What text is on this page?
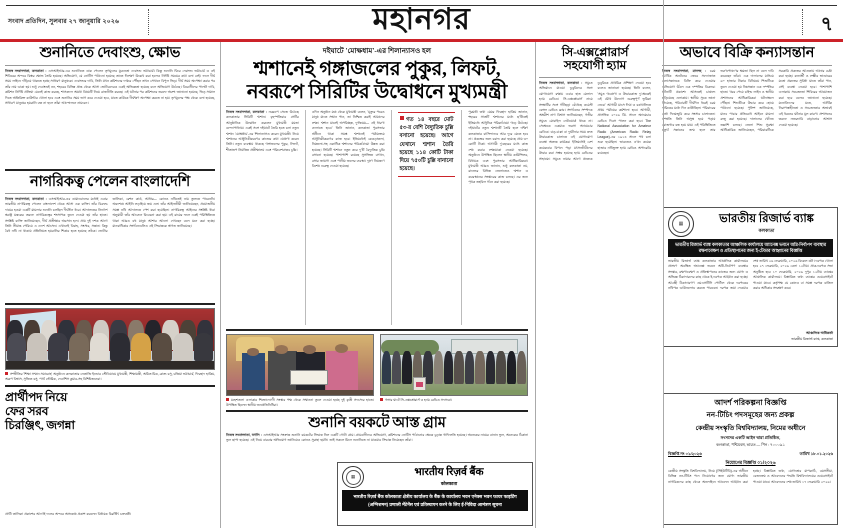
সংবাদ প্রতিদিন, সুলবার ২৭ জানুয়ারি ২০২৬	মহানগর	৭
শুনানিতে দেবাংশু, ক্ষোভ
নিজস্ব সংবাদদাতা, কলকাতা : এসআইআর-এর শুনানিতে ডাক পেলেন তৃণমূলের যুবনেতা দেবাংশু ভট্টাচার্য। কিন্তু শুনানি ঘিরে দেবাংশু ভট্টাচার্য ও এই শিবিরের অন্দরে বিস্তর ক্ষোভ তৈরি হয়েছে। অভিযোগ, যে নোটিস পাঠানো হয়েছে তাতে দিনক্ষণ উল্লেখ করা হলেও নির্দিষ্ট সময়ের কথা বলা নেই। ফলে দীর্ঘ সময় লাইনে দাঁড়িয়ে থাকতে হচ্ছে সাধারণ মানুষকে। দেবাংশুর দাবি, তিনি যখন কমিশনের দপ্তরে পৌঁছন তখন সেখানে বিপুল ভিড়। দীর্ঘ সময় অপেক্ষা করার পর তাঁর নাম ডাকা হয়। শুধু দেবাংশুই নন, শহরের বিভিন্ন প্রান্ত থেকে আসা ভোটারদেরও একই অভিজ্ঞতা হয়েছে বলে অভিযোগ উঠেছে। বিরোধীদের পালটা দাবি, কমিশন নির্দিষ্ট প্রক্রিয়া মেনেই কাজ করছে, শাসকদল অযথা বিষয়টি নিয়ে রাজনীতি করছে। এই ঘটনার পর কমিশনের তরফে অবশ্য জানানো হয়েছে, ভিড় সামাল দিতে অতিরিক্ত কাউন্টার খোলা হবে এবং শুনানির সময় ভাগ করে দেওয়া হবে, যাতে কাউকে দীর্ঘক্ষণ অপেক্ষা করতে না হয়। তৃণমূলের পক্ষ থেকে বলা হয়েছে, সাধারণ মানুষের হয়রানি বন্ধ না হলে তাঁরা আন্দোলনে নামবেন।
নাগরিকত্ব পেলেন বাংলাদেশি
নিজস্ব সংবাদদাতা, কলকাতা : এসআইআর-এর ডামাডোলের মধ্যেই এবার ভারতীয় নাগরিকত্ব পেলেন বাংলাদেশ থেকে আসা এক ব্যক্তি। তাঁর বিরুদ্ধে দায়ের হওয়া একটি মামলার শুনানি চলছিল দীর্ঘদিন ধরে। আদালতের নির্দেশে স্বরাষ্ট্র মন্ত্রকের তরফে নাগরিকত্বের শংসাপত্র তুলে দেওয়া হয় তাঁর হাতে। সংশ্লিষ্ট ব্যক্তি জানিয়েছেন, দীর্ঘ প্রতীক্ষার অবসান হল। প্রায় দুই দশক আগে তিনি সীমান্ত পেরিয়ে এ দেশে আসেন। এখানেই বিবাহ, সংসার, সন্তান। কিন্তু বৈধ নথি না থাকায় প্রতিনিয়ত হয়রানির শিকার হতে হয়েছে তাঁকে। ভোটার তালিকা, রেশন কার্ড, আধার— কোনও নথিতেই নাম তুলতে পারেননি। অবশেষে আইনি লড়াইয়ে জয় এল। তাঁর আইনজীবী জানিয়েছেন, প্রয়োজনীয় সমস্ত নথি আদালতে পেশ করা হয়েছিল। নাগরিকত্ব আইনের সংশ্লিষ্ট ধারা অনুযায়ী তাঁর আবেদন বিবেচনা করা হয়। এই রায়ের ফলে একই পরিস্থিতিতে থাকা আরও বহু মানুষ আশার আলো দেখছেন বলে মনে করা হচ্ছে। মানবাধিকার সংগঠনগুলিও এই সিদ্ধান্তকে স্বাগত জানিয়েছে।
সম্প্রীতির 'শিক্ষা সম্মান সমারোহ' অনুষ্ঠানে কলকাতার নেতাজি ইন্ডোর স্টেডিয়ামে মুখ্যমন্ত্রী, শিক্ষামন্ত্রী, অমিত মিত্র, ব্রাত্য বসু, চন্দ্রিমা ভট্টাচার্য, ফিরহাদ হাকিম, অরূপ বিশ্বাস, সুজিত বসু, পার্থ ভৌমিক, দেবাশিস কুমার-সহ বিশিষ্টজনেরা।
প্রার্থীপদ নিয়ে
ফের সরব
চিরঞ্জিৎ, জগন্না
দইঘাটে 'মোক্ষধাম'-এর শিলান্যাসও হল
শ্মশানেই গঙ্গাজলের পুকুর, লিফট,
নবরূপে সিরিটির উদ্বোধনে মুখ্যমন্ত্রী
নিজস্ব সংবাদদাতা, কলকাতা : নবরূপে সেজে উঠেছে কলকাতার সিরিটি শ্মশান। বৃহস্পতিবার সেটির আনুষ্ঠানিক উদ্বোধন করলেন মুখ্যমন্ত্রী মমতা বন্দ্যোপাধ্যায়। একই সঙ্গে দইঘাটে তৈরি হতে চলা নতুন শ্মশান 'মোক্ষধাম'-এর শিলান্যাসও করেন মুখ্যমন্ত্রী। নিয়ে শ্মশানের আধুনিকীকরণের কাজের কথা ঘোষণা করেন তিনি। নতুন ব্যবস্থায় থাকছে গঙ্গাজলের পুকুর, লিফট, শীতাতপ নিয়ন্ত্রিত প্রতীক্ষালয় এবং পরিবেশবান্ধব চুল্লি।
এদিন অনুষ্ঠান মঞ্চ থেকে মুখ্যমন্ত্রী বলেন, 'মৃত্যুর পরেও মানুষ যাতে সম্মান পান, তা নিশ্চিত করাই আমাদের লক্ষ্য। শ্মশান মানেই অপরিচ্ছন্ন, দুর্গন্ধময়— এই ধারণা বদলাতে হবে।' তিনি জানান, কলকাতা পুরসভার অধীনে থাকা সমস্ত শ্মশানেই পর্যায়ক্রমে আধুনিকীকরণের কাজ হবে। ইতিমধ্যেই কেওড়াতলা, নিমতলা-সহ একাধিক শ্মশানের পরিকাঠামো উন্নত করা হয়েছে। সিরিটি শ্মশানে নতুন করে দু'টি বৈদ্যুতিক চুল্লি বসানো হয়েছে। পাশাপাশি রয়েছে সুসজ্জিত বাগান, বসার জায়গা এবং পানীয় জলের ব্যবস্থা। দূষণ নিয়ন্ত্রণে বিশেষ গুরুত্ব দেওয়া হয়েছে।
গত ১৪ বছরে মোট ৫৩-র বেশি বৈদ্যুতিক চুল্লি বসানো হয়েছে। আগে যেখানে শ্মশান তৈরি হয়েছে ১১৪ কোটি টাকা দিয়ে ৭৫০টি চুল্লি বানানো হয়েছে।
পুরমন্ত্রী তথা মেয়র ফিরহাদ হাকিম জানান, শহরের সাতটি শ্মশানের মধ্যে ছ'টিতেই ইতিমধ্যে আধুনিক পরিকাঠামো গড়ে উঠেছে। দইঘাটের নতুন শ্মশানটি তৈরি হলে দক্ষিণ কলকাতার বাসিন্দাদের আর দূরে যেতে হবে না। প্রকল্পের জন্য বরাদ্দ করা হয়েছে প্রায় ৩০ কোটি টাকা। আগামী দু'বছরের মধ্যে কাজ শেষ করার লক্ষ্যমাত্রা নেওয়া হয়েছে। অনুষ্ঠানে উপস্থিত ছিলেন স্থানীয় কাউন্সিলর, বিধায়ক এবং পুরসভার আধিকারিকরা। মুখ্যমন্ত্রী আরও জানান, শুধু কলকাতা নয়, রাজ্যের বিভিন্ন জেলাতেও শ্মশান ও কবরস্থানের সংস্কারের কাজ চলছে। এর জন্য পৃথক তহবিল গঠন করা হয়েছে।
মহেশতলা এলাকার শিল্পোদ্যোগী সংস্থার পক্ষ থেকে সম্মাননা তুলে দেওয়া হচ্ছে দুই কৃতী সদস্যের হাতে। উপস্থিত ছিলেন স্থানীয় জনপ্রতিনিধিরা।
গঙ্গার ঘাটে সি-এক্সপ্লোরার্স ও হ্যাম রেডিও সদস্যরা।
শুনানি বয়কটে আস্ত গ্রাম
নিজস্ব সংবাদদাতা, হুগলি : এসআইআর সংক্রান্ত শুনানি বয়কটের সিদ্ধান্ত নিল একটি গোটা গ্রাম। গ্রামবাসীদের অভিযোগ, কমিশনের নোটিস পাঠানোর ক্ষেত্রে চূড়ান্ত গাফিলতি হয়েছে। অনেকের নামের বানান ভুল, অনেকের ঠিকানা ভুল ছাপা হয়েছে। এই নিয়ে বারবার অভিযোগ জানিয়েও কোনও সুরাহা হয়নি। তাই সকলে মিলে শুনানিতে না যাওয়ার সিদ্ধান্ত নিয়েছেন তাঁরা।
সি-এক্সপ্লোরার্স
সহযোগী হ্যাম
নিজস্ব সংবাদদাতা, কলকাতা : সমুদ্রে অভিযানে যাওয়া ডুবুরিদের সঙ্গে যোগাযোগ রক্ষায় এবার হাত মেলাল হ্যাম রেডিও। সি-এক্সপ্লোরার্স নামে সংস্থাটির সঙ্গে গাঁটছড়া বেঁধেছে ওয়েস্ট বেঙ্গল রেডিও ক্লাব। সংগঠনের সম্পাদক অম্বরীশ নাগ বিশ্বাস জানিয়েছেন, গভীর সমুদ্রে মোবাইল নেটওয়ার্ক থাকে না। সেক্ষেত্রে একমাত্র ভরসা অ্যামেচার রেডিও। ঝড়-ঝঞ্ঝা বা দুর্ঘটনার সময় দ্রুত উদ্ধারকাজ চালাতে এই যোগাযোগ ব্যবস্থা অত্যন্ত কার্যকর। ইতিমধ্যেই বেশ কয়েকবার বিপদে পড়া মৎস্যজীবীদের উদ্ধার করা সম্ভব হয়েছে হ্যাম রেডিওর সাহায্যে। সমুদ্রে নামার আগে প্রত্যেক ডুবুরিকে প্রাথমিক প্রশিক্ষণ দেওয়া হবে বলেও জানানো হয়েছে। তিনি বলেন, 'সমুদ্র গবেষণা ও উদ্ধারকাজ দু'ক্ষেত্রেই এই যৌথ উদ্যোগ গুরুত্বপূর্ণ ভূমিকা নেবে।' আগামী মাসে দিঘা ও বকখালিতে প্রথম পর্যায়ের কর্মশালা হবে। আগামী, প্রাসঙ্গিক ২০২৬ খ্রি. সালে অ্যামেচার রেডিও দিবস পালন করা হবে। The National Association for Amateur Radio (American Radio Relay League)-এর ১৯১৪ সালে পথ চলা শুরু হয়েছিল। ভারতেও এখন কয়েক হাজার নথিভুক্ত হ্যাম রেডিও অপারেটর রয়েছেন।
অভাবে বিক্রি কন্যাসন্তান
নিজস্ব সংবাদদাতা, মালদহ : চরম আর্থিক অনটনের জেরে সদ্যোজাত কন্যাসন্তানকে বিক্রি করে দেওয়ার অভিযোগ উঠল এক দম্পতির বিরুদ্ধে। ঘটনাটি প্রকাশ্যে আসতেই চাঞ্চল্য ছড়িয়েছে এলাকায়। স্থানীয় সূত্রে জানা গিয়েছে, পরিবারটি দীর্ঘদিন ধরেই চরম দারিদ্রের মধ্যে দিন কাটাচ্ছিল। পরিবারের কর্তা দিনমজুরি করে সংসার চালাতেন। সম্প্রতি তিনি অসুস্থ হয়ে পড়ায় রোজগার বন্ধ হয়ে যায়। এই পরিস্থিতিতে চতুর্থ সন্তানের জন্ম হলে তার ভরণপোষণের ক্ষমতা ছিল না বলে দাবি করেছেন তাঁরা। এক দালালের মাধ্যমে ৬০ হাজার টাকার বিনিময়ে শিশুটিকে তুলে দেওয়া হয় নিঃসন্তান এক দম্পতির হাতে। খবর পেয়ে চাইল্ড লাইন ও স্থানীয় প্রশাসনের আধিকারিকরা ঘটনাস্থলে পৌঁছন। শিশুটিকে উদ্ধার করে হোমে পাঠানো হয়েছে। পুলিশ জানিয়েছে, মানব পাচার প্রতিরোধ আইনে মামলা রুজু করা হয়েছে। দালালের খোঁজে তল্লাশি চলছে। জেলা শিশু সুরক্ষা আধিকারিক জানিয়েছেন, পরিবারটিকে সরকারি প্রকল্পের আওতায় আনার চেষ্টা করা হচ্ছে। কন্যাশ্রী ও লক্ষ্মীর ভাণ্ডারের মতো প্রকল্পের সুবিধা যাতে তাঁরা পান, সেই ব্যবস্থা নেওয়া হবে। পাশাপাশি এলাকায় সচেতনতা শিবিরের আয়োজন করা হবে বলেও জানানো হয়েছে। মনোবিদদের মতে, আর্থিক নিরাপত্তাহীনতা ও সচেতনতার অভাবই এই ধরনের ঘটনার মূল কারণ। প্রশাসনের তরফে নজরদারি বাড়ানোর আশ্বাস দেওয়া হয়েছে।
▦	ভারতীয় রিজার্ভ ব্যাঙ্ক
কলকাতা
ভারতীয় রিজার্ভ ব্যাঙ্ক কলকাতার আঞ্চলিক কার্যালয়ে অ্যানেক্স ভবনে অগ্নি-নির্বাপণ ব্যবস্থার রক্ষণাবেক্ষণ ও প্রতিস্থাপনের জন্য ই-টেন্ডার আহ্বানের বিজ্ঞপ্তি
ভারতীয় রিজার্ভ ব্যাঙ্ক কলকাতার আঞ্চলিক কার্যালয়ের প্রাঙ্গণে অবস্থিত অ্যানেক্স ভবনে অগ্নি-নির্বাপণ ব্যবস্থার সংস্কার, রক্ষণাবেক্ষণ ও প্রতিস্থাপনের কাজের জন্য যোগ্য ও অভিজ্ঞ ঠিকাদারদের কাছ থেকে ই-দরপত্র আহ্বান করা হচ্ছে। আগ্রহী ঠিকাদারগণ এমএসটিসি পোর্টাল থেকে দরপত্রের নথিপত্র ডাউনলোড করতে পারবেন। দরপত্র জমা দেওয়ার শেষ তারিখ ২৬ ফেব্রুয়ারি, ২০২৬ বিকেল ৩টা। দরপত্র খোলা হবে ২৭ ফেব্রুয়ারি, ২০২৬ বেলা ১২টায়। প্রাক-দরপত্র সভা অনুষ্ঠিত হবে ১০ ফেব্রুয়ারি, ২০২৬ দুপুর ১২টায় ব্যাঙ্কের আঞ্চলিক কার্যালয়ে। বিস্তারিত তথ্য ব্যাঙ্কের ওয়েবসাইটে পাওয়া যাবে। কর্তৃপক্ষ যে কোনও বা সমস্ত দরপত্র বাতিল করার অধিকার সংরক্ষণ করে।
আঞ্চলিক অধিকর্তা
ভারতীয় রিজার্ভ ব্যাঙ্ক, কলকাতা
আদর্শ পরিকল্পনা বিজ্ঞপ্তি
নন-টিচিং পদসমূহের জন্য প্রকল্প
কেন্দ্রীয় সংস্কৃতি বিশ্ববিদ্যালয়, নিমের অধীনে
সংসদের একটি আইন দ্বারা প্রতিষ্ঠিত,
কলকাতা, পশ্চিমবঙ্গ, ভারত — পিন : ৭০০০৯১
বিজ্ঞপ্তি নং ০১/২০২৬	তারিখ ১৮.০১.২০২৬
নিয়োগের বিজ্ঞপ্তি ০১/২০২৬
কেন্দ্রীয় সংস্কৃতি বিশ্ববিদ্যালয়, নিমে (সিইউটিবি)-এর অধীনে বিভিন্ন নন-টিচিং পদে নিয়োগের জন্য যোগ্য ভারতীয় নাগরিকদের কাছ থেকে অনলাইনে আবেদন আহ্বান করা হচ্ছে। বিস্তারিত তথ্য, যোগ্যতার মাপকাঠি, বয়সসীমা, বেতনক্রম ও আবেদনের পদ্ধতি বিশ্ববিদ্যালয়ের ওয়েবসাইটে পাওয়া যাবে। আবেদনের শেষ তারিখ ১৭ ফেব্রুয়ারি ২০২৬।
▦	भारतीय रिज़र्व बैंक
कोलकाता
भारतीय रिज़र्व बैंक कोलकाता क्षेत्रीय कार्यालय के बैंक के कार्यालय भवन एनेक्स भवन फायर फाइटिंग (अग्निशमन) प्रणाली मेंटेनेंस एवं प्रतिस्थापन करने के लिए ई-निविदा आमंत्रण सूचना
প্রার্থী তালিকা প্রকাশের আগেই দলের অন্দরে অসন্তোষ প্রকাশ করলেন বিধায়ক চিরঞ্জিৎ চক্রবর্তী।
